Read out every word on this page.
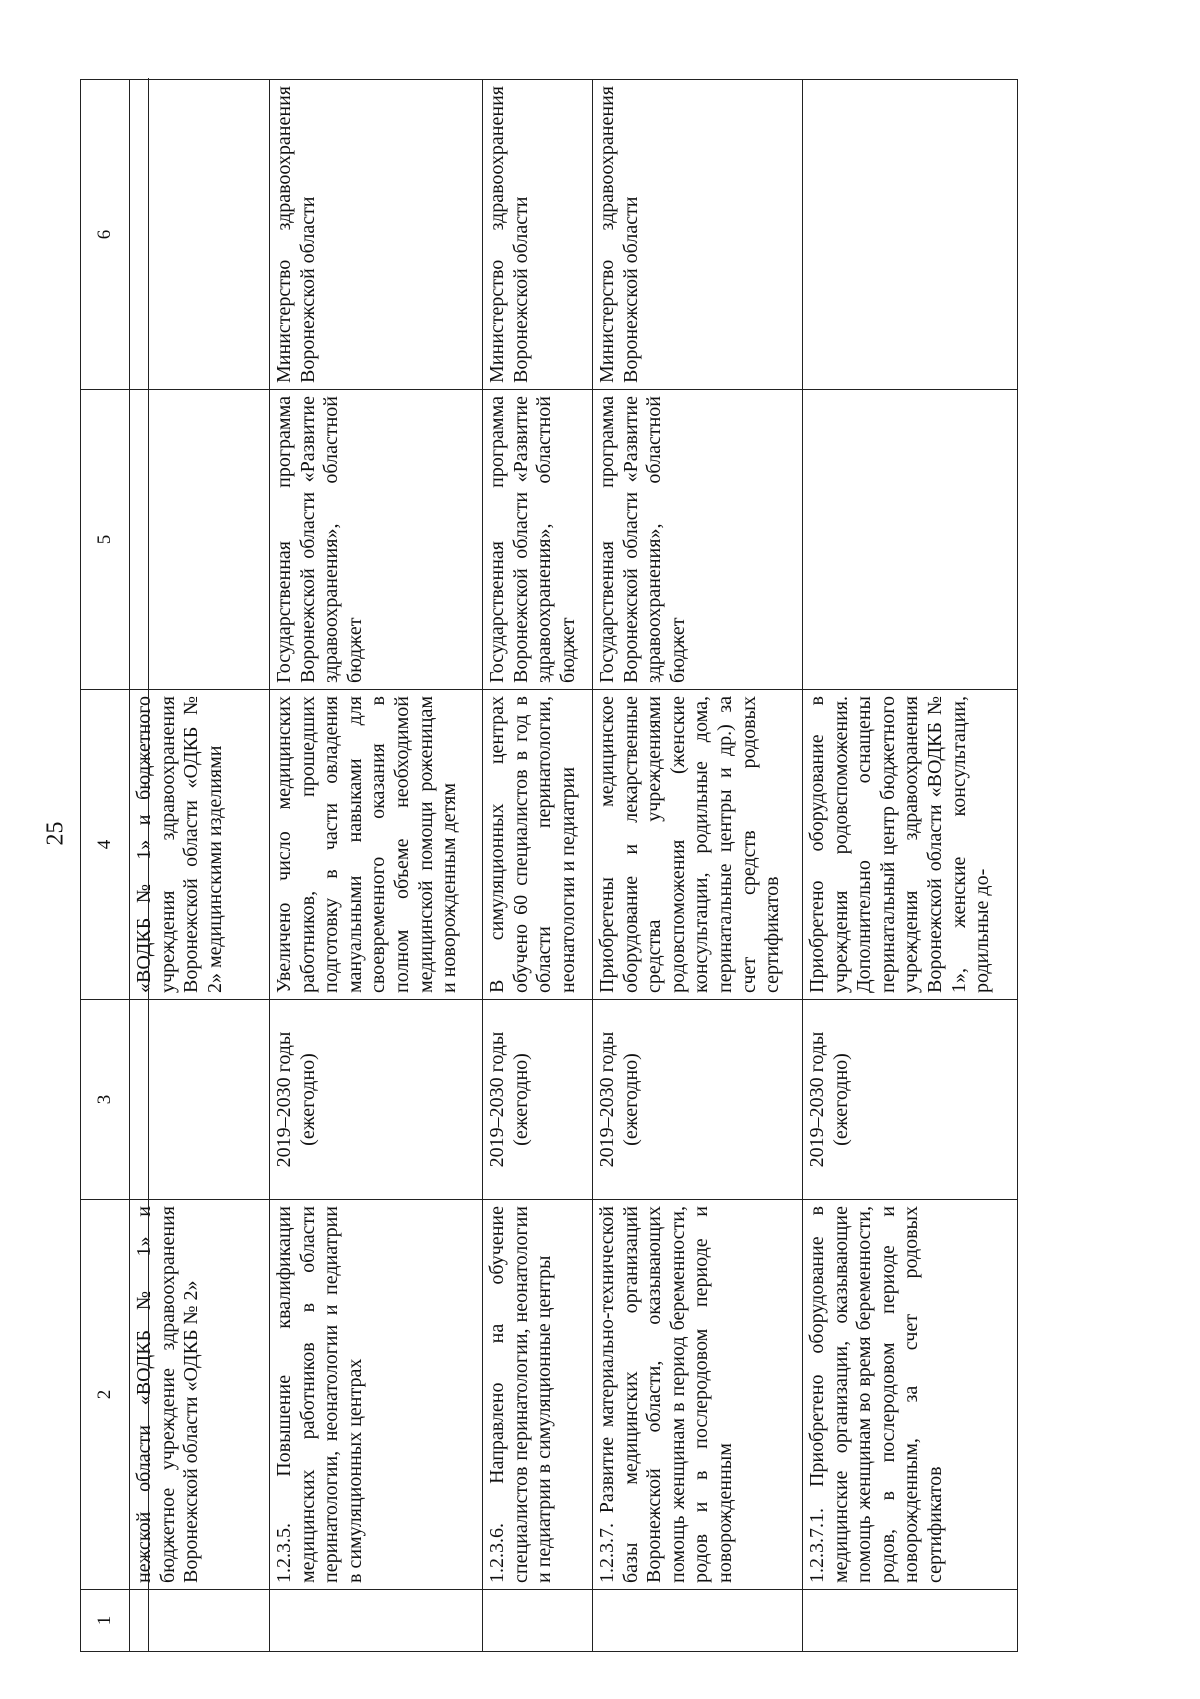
25
1	2	3	4	5	6
	нежской области «ВОДКБ № 1» и бюджетное учреждение здравоохранения Воронежской области «ОДКБ № 2»		«ВОДКБ № 1» и бюджетного учреждения здравоохранения Воронежской области «ОДКБ № 2» медицинскими изделиями		
	1.2.3.5. Повышение квалификации медицинских работников в области перинатологии, неонатологии и педиатрии в симуляционных центрах	2019–2030 годы (ежегодно)	Увеличено число медицинских работников, прошедших подготовку в части овладения мануальными навыками для своевременного оказания в полном объеме необходимой медицинской помощи роженицам и новорожденным детям	Государственная программа Воронежской области «Развитие здравоохранения», областной бюджет	Министерство здравоохранения Воронежской области
	1.2.3.6. Направлено на обучение специалистов перинатологии, неонатологии и педиатрии в симуляционные центры	2019–2030 годы (ежегодно)	В симуляционных центрах обучено 60 специалистов в год в области перинатологии, неонатологии и педиатрии	Государственная программа Воронежской области «Развитие здравоохранения», областной бюджет	Министерство здравоохранения Воронежской области
	1.2.3.7. Развитие материально-технической базы медицинских организаций Воронежской области, оказывающих помощь женщинам в период беременности, родов и в послеродовом периоде и новорожденным	2019–2030 годы (ежегодно)	Приобретены медицинское оборудование и лекарственные средства учреждениями родовспоможения (женские консультации, родильные дома, перинатальные центры и др.) за счет средств родовых сертификатов	Государственная программа Воронежской области «Развитие здравоохранения», областной бюджет	Министерство здравоохранения Воронежской области
	1.2.3.7.1. Приобретено оборудование в медицинские организации, оказывающие помощь женщинам во время беременности, родов, в послеродовом периоде и новорожденным, за счет родовых сертификатов	2019–2030 годы (ежегодно)	Приобретено оборудование в учреждения родовспоможения. Дополнительно оснащены перинатальный центр бюджетного учреждения здравоохранения Воронежской области «ВОДКБ № 1», женские консультации, родильные до-		
